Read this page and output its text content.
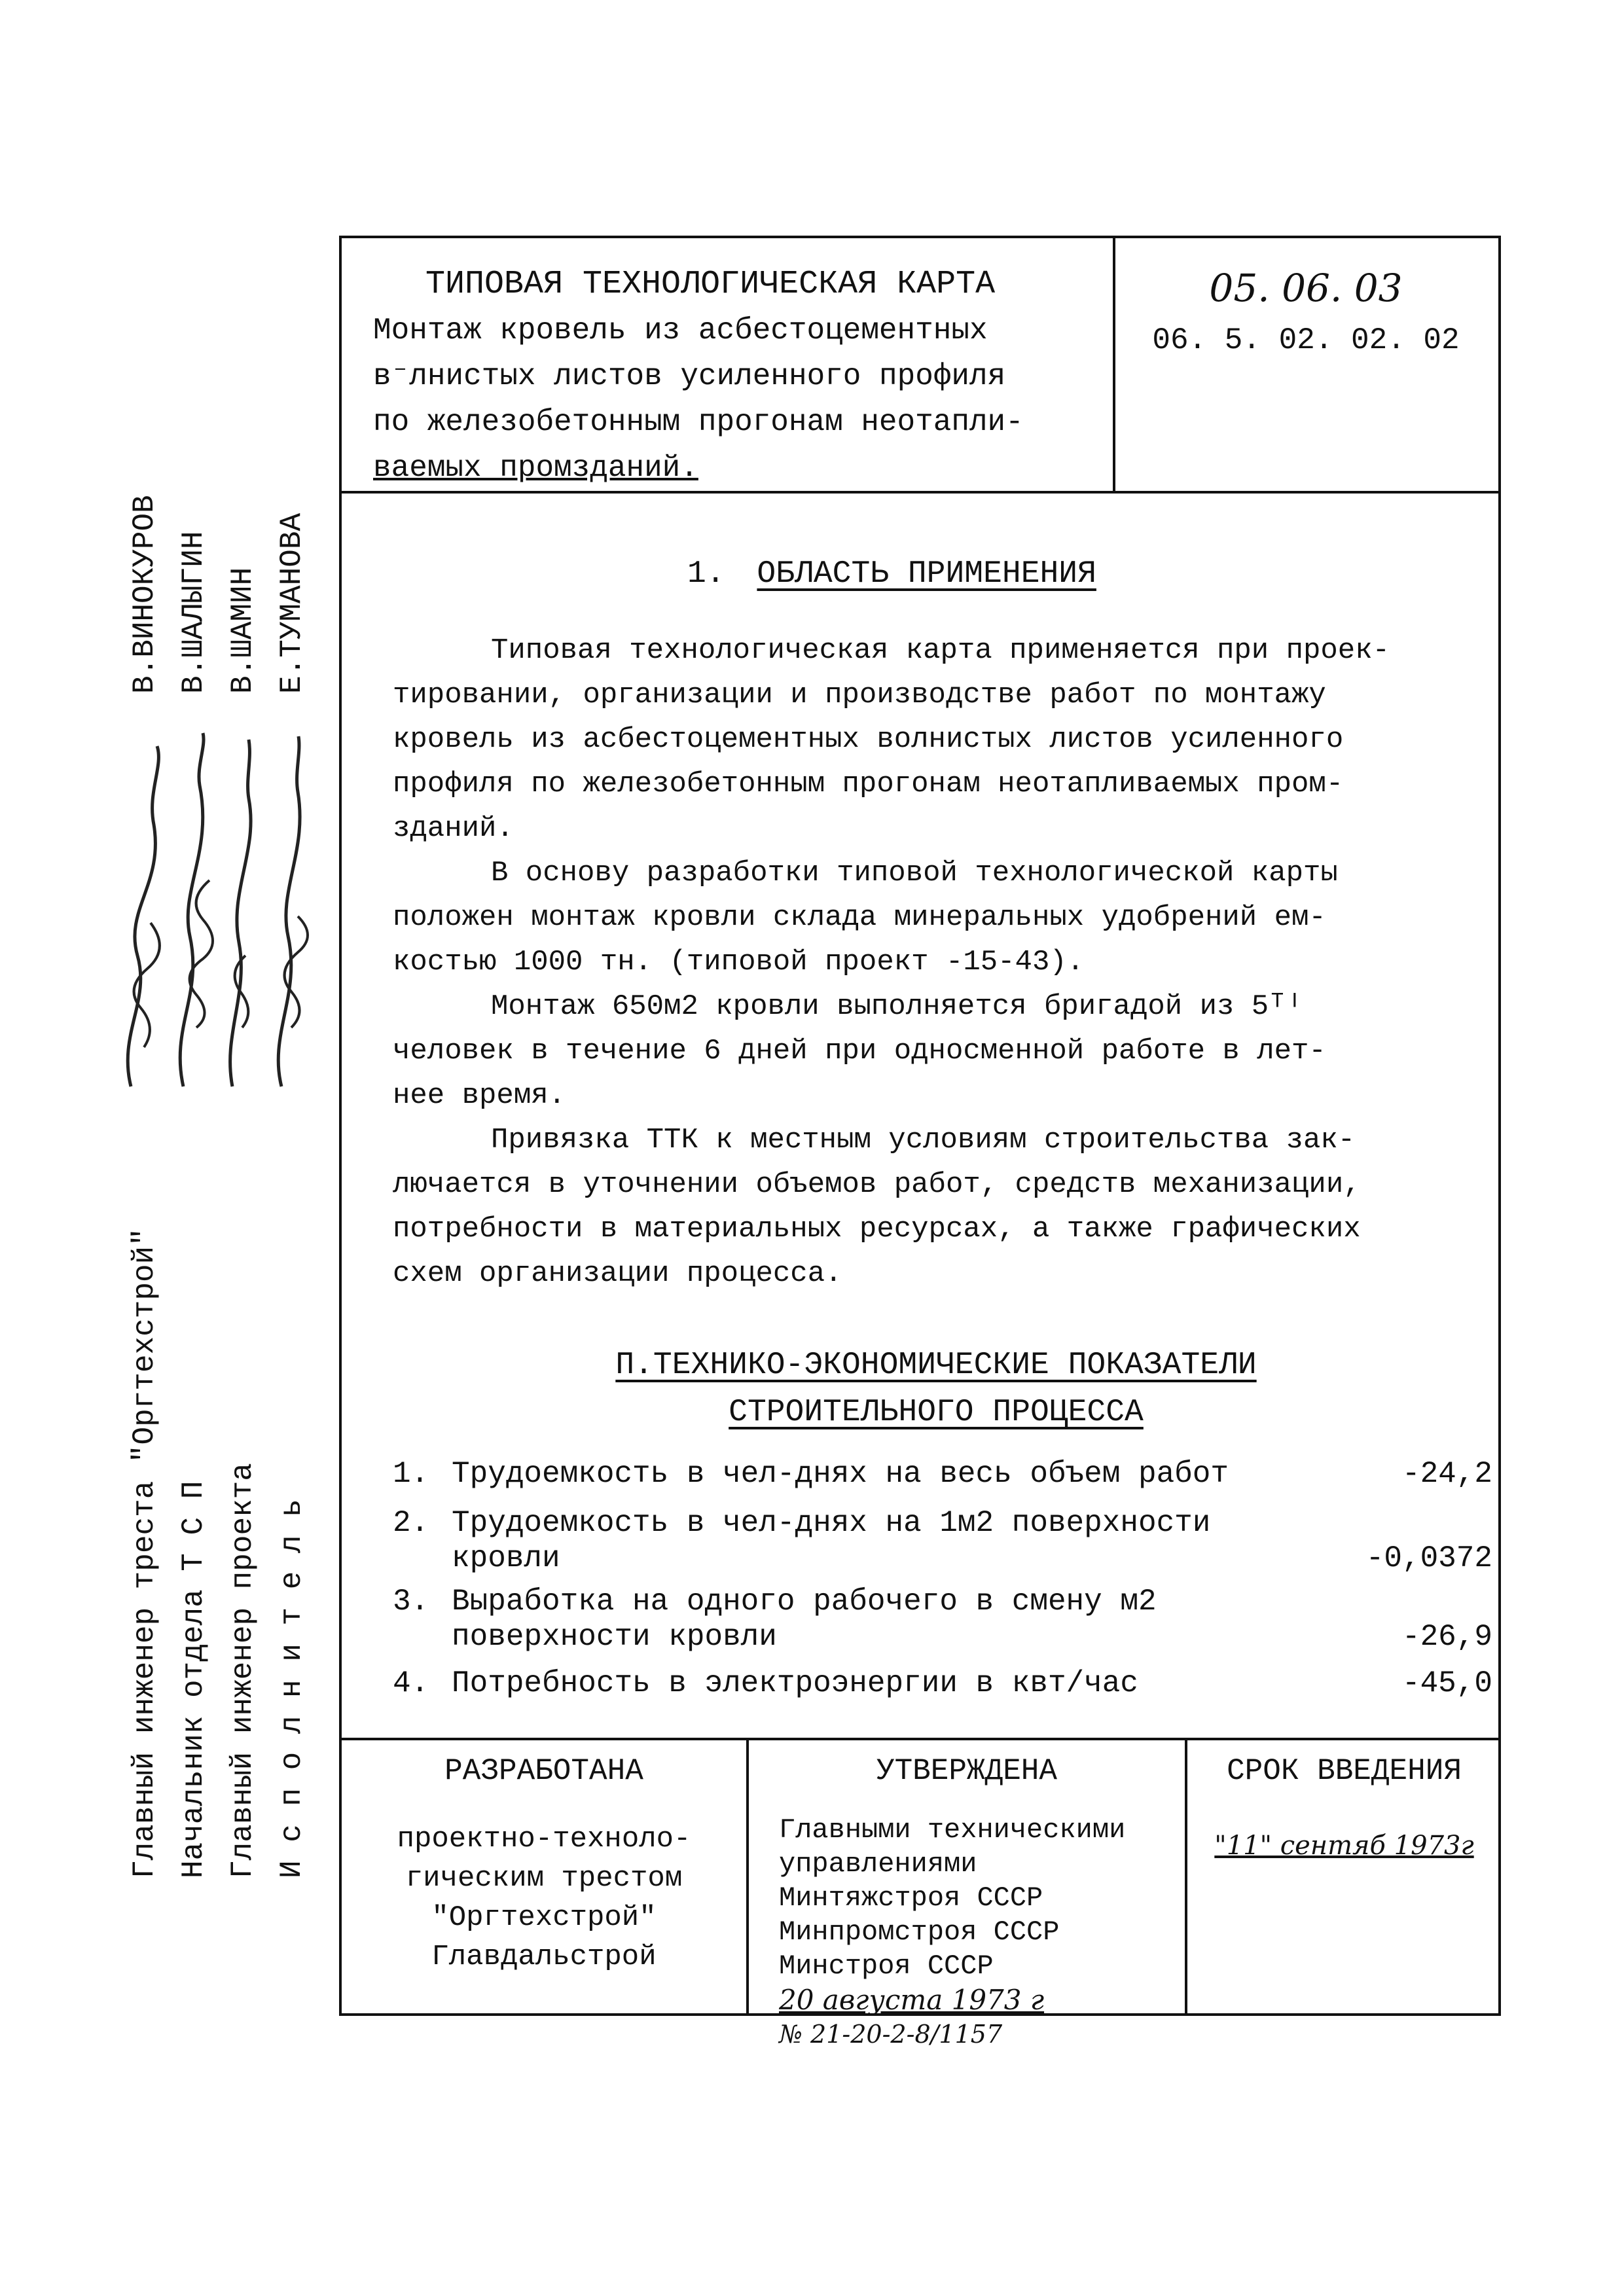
ТИПОВАЯ ТЕХНОЛОГИЧЕСКАЯ КАРТА
Монтаж кровель из асбестоцементных
в⁻лнистых листов усиленного профиля
по железобетонным прогонам неотапли-
ваемых промзданий.
05. 06. 03
06. 5. 02. 02. 02
В.ВИНОКУРОВ В.ШАЛЫГИН В.ШАМИН Е.ТУМАНОВА
Главный инженер треста "Оргтехстрой" Начальник отдела Т С П Главный инженер проекта И с п о л н и т е л ь
1. ОБЛАСТЬ ПРИМЕНЕНИЯ
Типовая технологическая карта применяется при проек-
тировании, организации и производстве работ по монтажу
кровель из асбестоцементных волнистых листов усиленного
профиля по железобетонным прогонам неотапливаемых пром-
зданий.
В основу разработки типовой технологической карты
положен монтаж кровли склада минеральных удобрений ем-
костью 1000 тн. (типовой проект -15-43).
Монтаж 650м2 кровли выполняется бригадой из 5ᵀᴵ
человек в течение 6 дней при односменной работе в лет-
нее время.
Привязка ТТК к местным условиям строительства зак-
лючается в уточнении объемов работ, средств механизации,
потребности в материальных ресурсах, а также графических
схем организации процесса.
П.ТЕХНИКО-ЭКОНОМИЧЕСКИЕ ПОКАЗАТЕЛИ
СТРОИТЕЛЬНОГО ПРОЦЕССА
1. Трудоемкость в чел-днях на весь объем работ	-24,2
2. Трудоемкость в чел-днях на 1м2 поверхности кровли	-0,0372
3. Выработка на одного рабочего в смену м2 поверхности кровли	-26,9
4. Потребность в электроэнергии в квт/час	-45,0
РАЗРАБОТАНА
проектно-техноло-
гическим трестом
"Оргтехстрой"
Главдальстрой
УТВЕРЖДЕНА
Главными техническими управлениями
Минтяжстроя СССР
Минпромстроя СССР
Минстроя СССР
20 августа 1973 г
№ 21-20-2-8/1157
СРОК ВВЕДЕНИЯ
"11" сентяб 1973г
